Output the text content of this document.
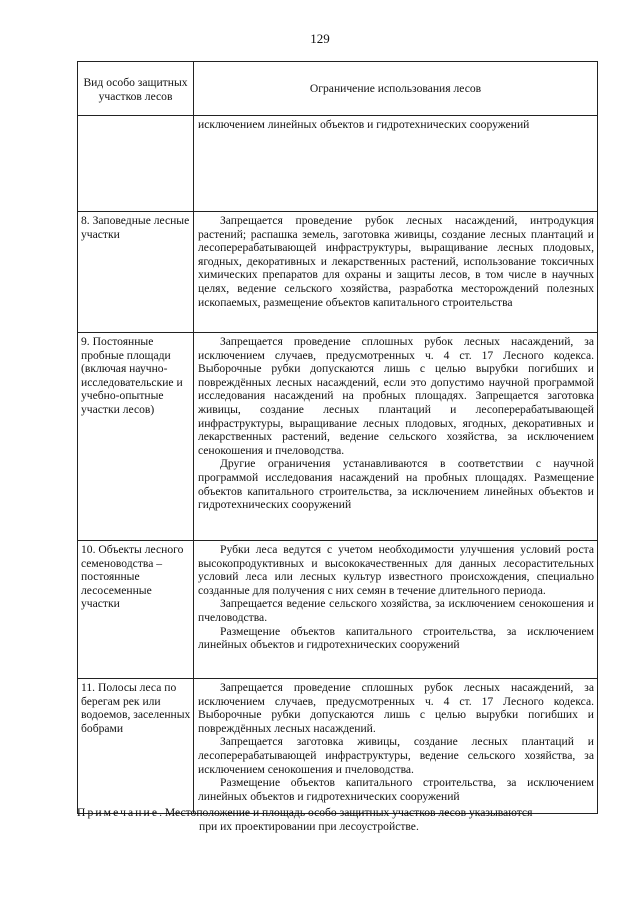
129
Вид особо защитных участков лесов	Ограничение использования лесов

	исключением линейных объектов и гидротехнических сооружений

8. Заповедные лесные участки	Запрещается проведение рубок лесных насаждений, интродукция растений; распашка земель, заготовка живицы, создание лесных плантаций и лесоперерабатывающей инфраструктуры, выращивание лесных плодовых, ягодных, декоративных и лекарственных растений, использование токсичных химических препаратов для охраны и защиты лесов, в том числе в научных целях, ведение сельского хозяйства, разработка месторождений полезных ископаемых, размещение объектов капитального строительства

9. Постоянные пробные площади (включая научно-исследовательские и учебно-опытные участки лесов)	Запрещается проведение сплошных рубок лесных насаждений, за исключением случаев, предусмотренных ч. 4 ст. 17 Лесного кодекса. Выборочные рубки допускаются лишь с целью вырубки погибших и повреждённых лесных насаждений, если это допустимо научной программой исследования насаждений на пробных площадях. Запрещается заготовка живицы, создание лесных плантаций и лесоперерабатывающей инфраструктуры, выращивание лесных плодовых, ягодных, декоративных и лекарственных растений, ведение сельского хозяйства, за исключением сенокошения и пчеловодства.

Другие ограничения устанавливаются в соответствии с научной программой исследования насаждений на пробных площадях. Размещение объектов капитального строительства, за исключением линейных объектов и гидротехнических сооружений

10. Объекты лесного семеноводства – постоянные лесосеменные участки	Рубки леса ведутся с учетом необходимости улучшения условий роста высокопродуктивных и высококачественных для данных лесорастительных условий леса или лесных культур известного происхождения, специально созданные для получения с них семян в течение длительного периода.

Запрещается ведение сельского хозяйства, за исключением сенокошения и пчеловодства.

Размещение объектов капитального строительства, за исключением линейных объектов и гидротехнических сооружений

11. Полосы леса по берегам рек или водоемов, заселенных бобрами	Запрещается проведение сплошных рубок лесных насаждений, за исключением случаев, предусмотренных ч. 4 ст. 17 Лесного кодекса. Выборочные рубки допускаются лишь с целью вырубки погибших и повреждённых лесных насаждений.

Запрещается заготовка живицы, создание лесных плантаций и лесоперерабатывающей инфраструктуры, ведение сельского хозяйства, за исключением сенокошения и пчеловодства.

Размещение объектов капитального строительства, за исключением линейных объектов и гидротехнических сооружений

Примечание. Местоположение и площадь особо защитных участков лесов указываются
при их проектировании при лесоустройстве.
